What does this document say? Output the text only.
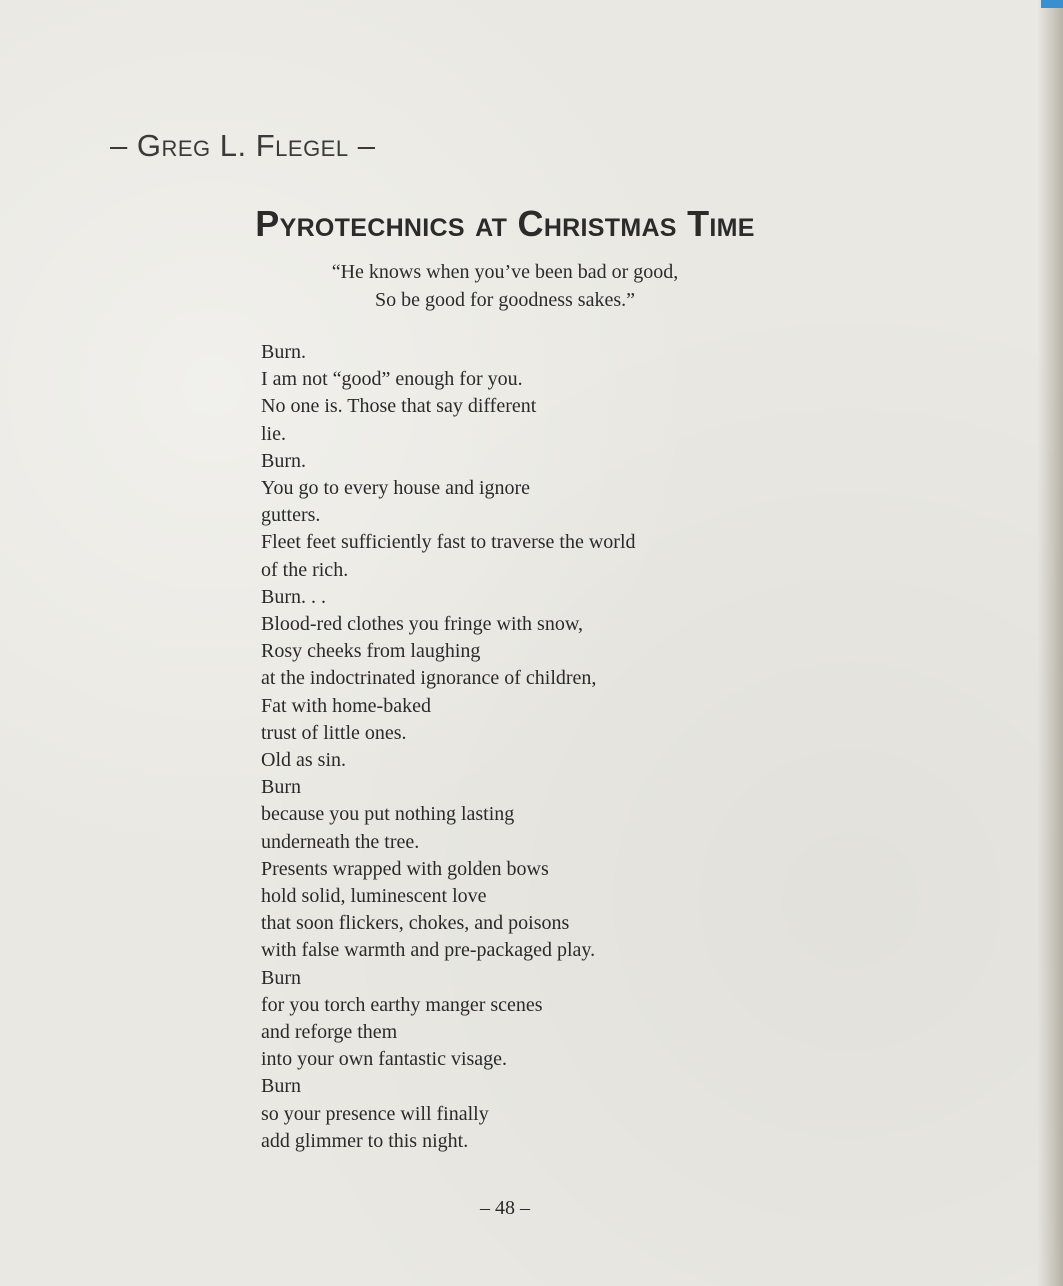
– Greg L. Flegel –
Pyrotechnics at Christmas Time
“He knows when you’ve been bad or good,
So be good for goodness sakes.”
Burn.
I am not “good” enough for you.
No one is. Those that say different
lie.
Burn.
You go to every house and ignore
gutters.
Fleet feet sufficiently fast to traverse the world
of the rich.
Burn. . .
Blood-red clothes you fringe with snow,
Rosy cheeks from laughing
at the indoctrinated ignorance of children,
Fat with home-baked
trust of little ones.
Old as sin.
Burn
because you put nothing lasting
underneath the tree.
Presents wrapped with golden bows
hold solid, luminescent love
that soon flickers, chokes, and poisons
with false warmth and pre-packaged play.
Burn
for you torch earthy manger scenes
and reforge them
into your own fantastic visage.
Burn
so your presence will finally
add glimmer to this night.
– 48 –
